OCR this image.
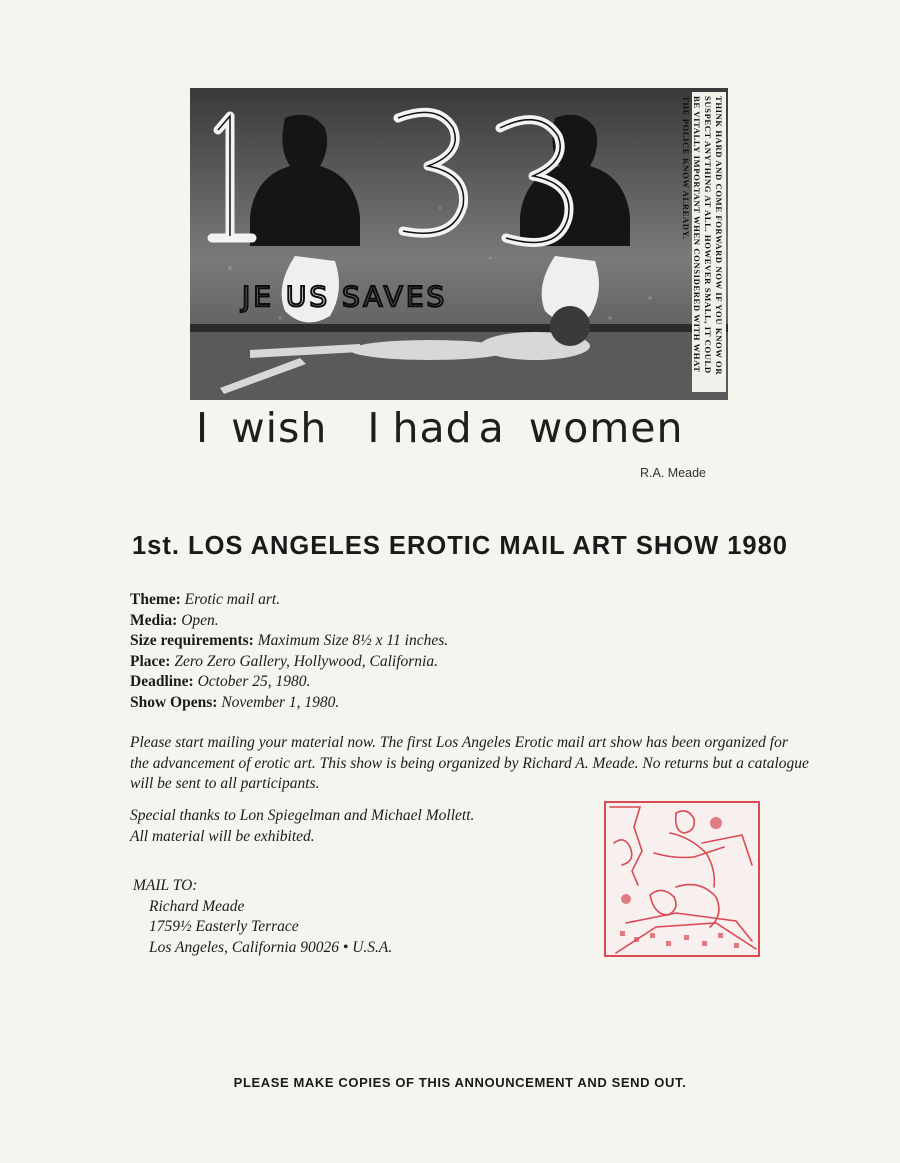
JE US SAVES	THINK HARD AND COME FORWARD NOW IF YOU KNOW OR SUSPECT ANYTHING AT ALL. HOWEVER SMALL, IT COULD BE VITALLY IMPORTANT WHEN CONSIDERED WITH WHAT THE POLICE KNOW ALREADY.
I wish I had a women
R.A. Meade
1st. LOS ANGELES EROTIC MAIL ART SHOW 1980
Theme: Erotic mail art.
Media: Open.
Size requirements: Maximum Size 8½ x 11 inches.
Place: Zero Zero Gallery, Hollywood, California.
Deadline: October 25, 1980.
Show Opens: November 1, 1980.
Please start mailing your material now. The first Los Angeles Erotic mail art show has been organized for the advancement of erotic art. This show is being organized by Richard A. Meade. No returns but a catalogue will be sent to all participants.
Special thanks to Lon Spiegelman and Michael Mollett.
All material will be exhibited.
MAIL TO:
Richard Meade
1759½ Easterly Terrace
Los Angeles, California 90026 • U.S.A.
PLEASE MAKE COPIES OF THIS ANNOUNCEMENT AND SEND OUT.
